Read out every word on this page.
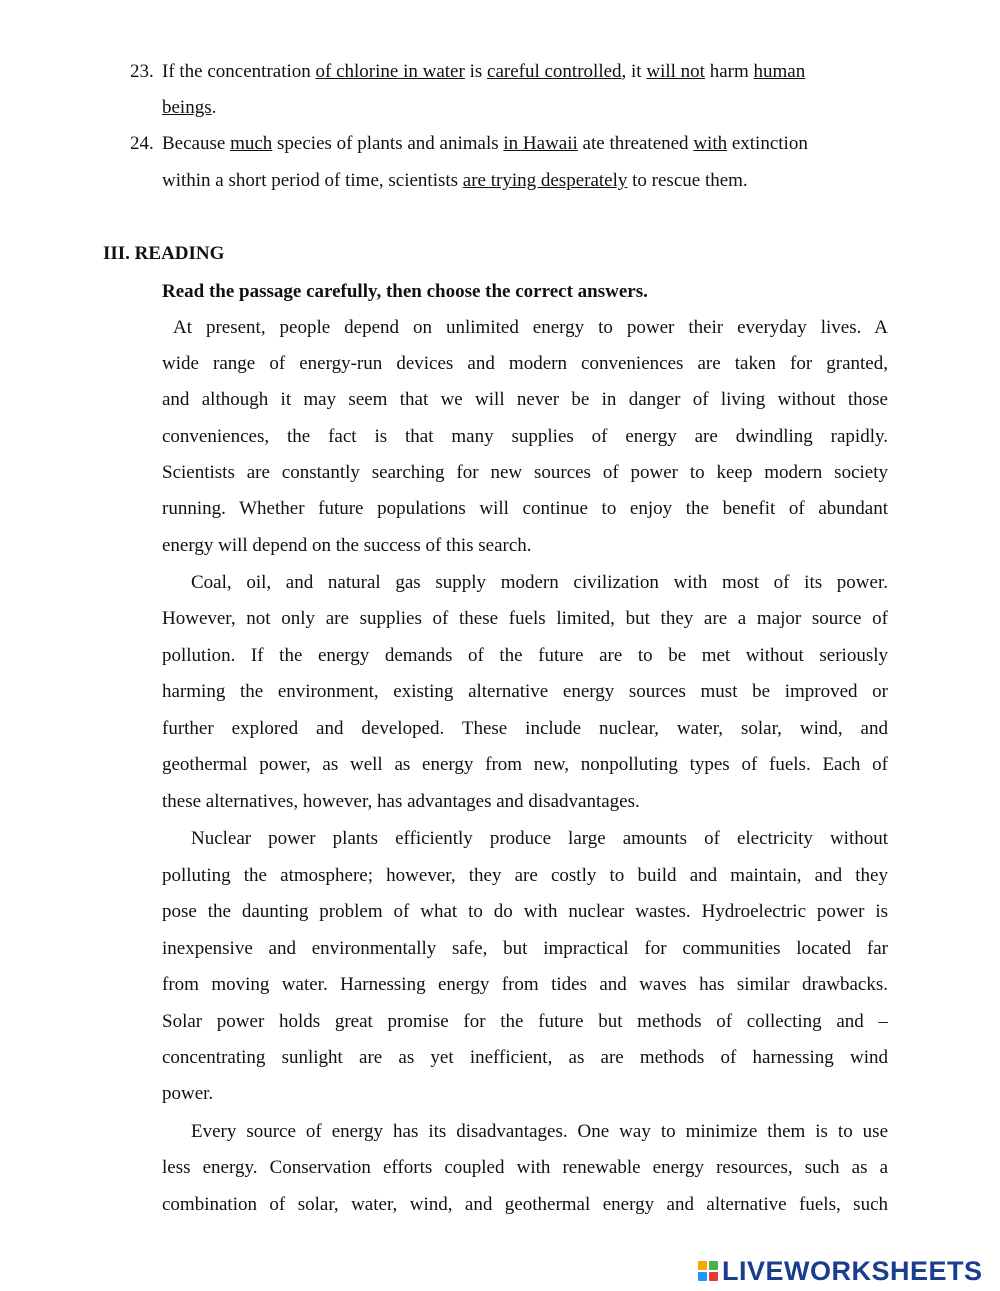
23. If the concentration of chlorine in water is careful controlled, it will not harm human
beings.
24. Because much species of plants and animals in Hawaii ate threatened with extinction
within a short period of time, scientists are trying desperately to rescue them.
III. READING
Read the passage carefully, then choose the correct answers.
At present, people depend on unlimited energy to power their everyday lives. A
wide range of energy-run devices and modern conveniences are taken for granted,
and although it may seem that we will never be in danger of living without those
conveniences, the fact is that many supplies of energy are dwindling rapidly.
Scientists are constantly searching for new sources of power to keep modern society
running. Whether future populations will continue to enjoy the benefit of abundant
energy will depend on the success of this search.
Coal, oil, and natural gas supply modern civilization with most of its power.
However, not only are supplies of these fuels limited, but they are a major source of
pollution. If the energy demands of the future are to be met without seriously
harming the environment, existing alternative energy sources must be improved or
further explored and developed. These include nuclear, water, solar, wind, and
geothermal power, as well as energy from new, nonpolluting types of fuels. Each of
these alternatives, however, has advantages and disadvantages.
Nuclear power plants efficiently produce large amounts of electricity without
polluting the atmosphere; however, they are costly to build and maintain, and they
pose the daunting problem of what to do with nuclear wastes. Hydroelectric power is
inexpensive and environmentally safe, but impractical for communities located far
from moving water. Harnessing energy from tides and waves has similar drawbacks.
Solar power holds great promise for the future but methods of collecting and –
concentrating sunlight are as yet inefficient, as are methods of harnessing wind
power.
Every source of energy has its disadvantages. One way to minimize them is to use
less energy. Conservation efforts coupled with renewable energy resources, such as a
combination of solar, water, wind, and geothermal energy and alternative fuels, such
LIVEWORKSHEETS
